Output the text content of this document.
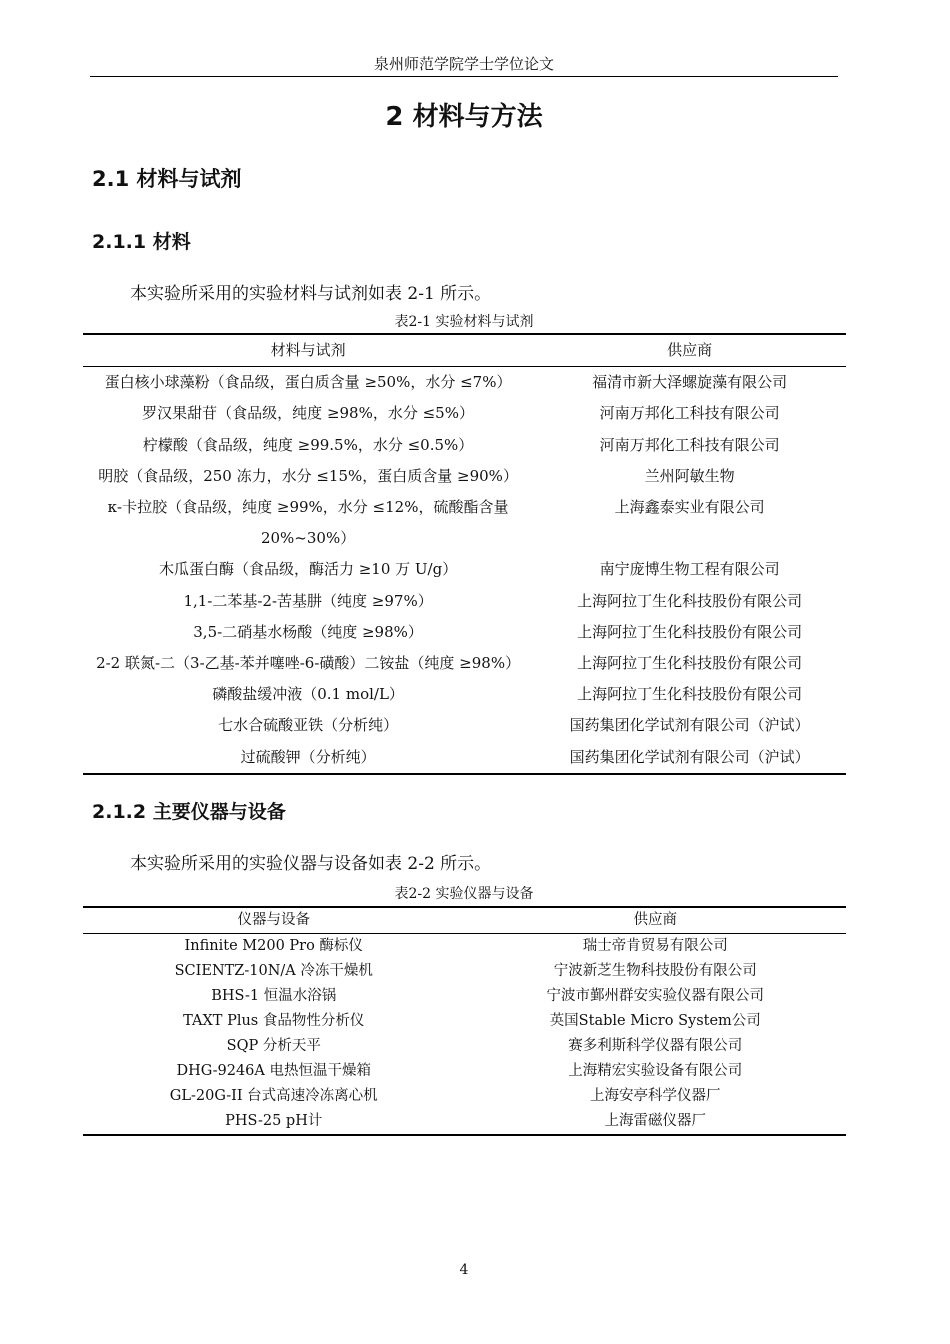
泉州师范学院学士学位论文
2 材料与方法
2.1 材料与试剂
2.1.1 材料
本实验所采用的实验材料与试剂如表 2-1 所示。
表2-1 实验材料与试剂
材料与试剂	供应商
蛋白核小球藻粉（食品级，蛋白质含量 ≥50%，水分 ≤7%）	福清市新大泽螺旋藻有限公司
罗汉果甜苷（食品级，纯度 ≥98%，水分 ≤5%）	河南万邦化工科技有限公司
柠檬酸（食品级，纯度 ≥99.5%，水分 ≤0.5%）	河南万邦化工科技有限公司
明胶（食品级，250 冻力，水分 ≤15%，蛋白质含量 ≥90%）	兰州阿敏生物
κ-卡拉胶（食品级，纯度 ≥99%，水分 ≤12%，硫酸酯含量	上海鑫泰实业有限公司
20%~30%）	
木瓜蛋白酶（食品级，酶活力 ≥10 万 U/g）	南宁庞博生物工程有限公司
1,1-二苯基-2-苦基肼（纯度 ≥97%）	上海阿拉丁生化科技股份有限公司
3,5-二硝基水杨酸（纯度 ≥98%）	上海阿拉丁生化科技股份有限公司
2-2 联氮-二（3-乙基-苯并噻唑-6-磺酸）二铵盐（纯度 ≥98%）	上海阿拉丁生化科技股份有限公司
磷酸盐缓冲液（0.1 mol/L）	上海阿拉丁生化科技股份有限公司
七水合硫酸亚铁（分析纯）	国药集团化学试剂有限公司（沪试）
过硫酸钾（分析纯）	国药集团化学试剂有限公司（沪试）
2.1.2 主要仪器与设备
本实验所采用的实验仪器与设备如表 2-2 所示。
表2-2 实验仪器与设备
仪器与设备	供应商
Infinite M200 Pro 酶标仪	瑞士帝肯贸易有限公司
SCIENTZ-10N/A 冷冻干燥机	宁波新芝生物科技股份有限公司
BHS-1 恒温水浴锅	宁波市鄞州群安实验仪器有限公司
TAXT Plus 食品物性分析仪	英国Stable Micro System公司
SQP 分析天平	赛多利斯科学仪器有限公司
DHG-9246A 电热恒温干燥箱	上海精宏实验设备有限公司
GL-20G-II 台式高速冷冻离心机	上海安亭科学仪器厂
PHS-25 pH计	上海雷磁仪器厂
4
